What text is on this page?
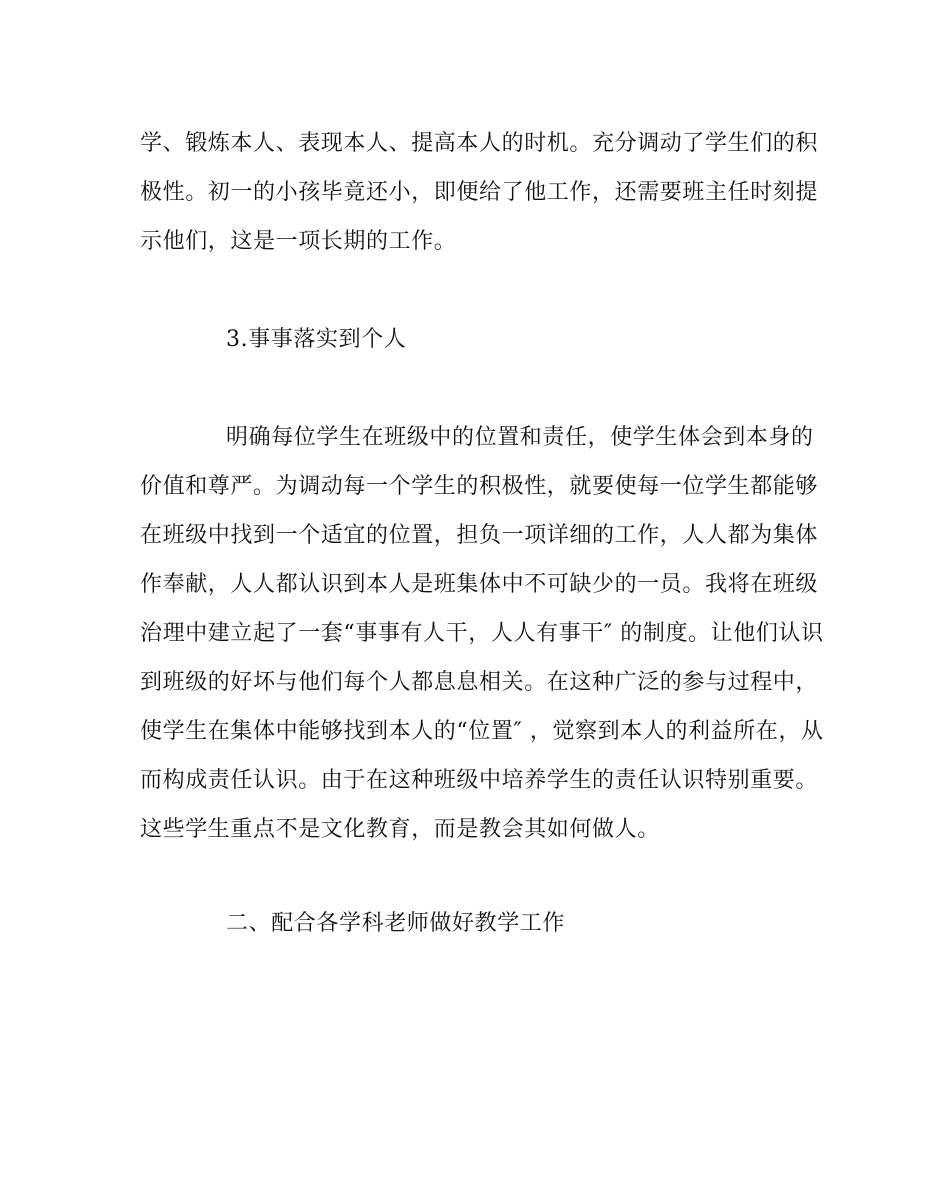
学、锻炼本人、表现本人、提高本人的时机。充分调动了学生们的积
极性。初一的小孩毕竟还小，即便给了他工作，还需要班主任时刻提
示他们，这是一项长期的工作。
3.事事落实到个人
明确每位学生在班级中的位置和责任，使学生体会到本身的
价值和尊严。为调动每一个学生的积极性，就要使每一位学生都能够
在班级中找到一个适宜的位置，担负一项详细的工作，人人都为集体
作奉献，人人都认识到本人是班集体中不可缺少的一员。我将在班级
治理中建立起了一套“事事有人干，人人有事干″ 的制度。让他们认识
到班级的好坏与他们每个人都息息相关。在这种广泛的参与过程中，
使学生在集体中能够找到本人的“位置″ ，觉察到本人的利益所在，从
而构成责任认识。由于在这种班级中培养学生的责任认识特别重要。
这些学生重点不是文化教育，而是教会其如何做人。
二、配合各学科老师做好教学工作
